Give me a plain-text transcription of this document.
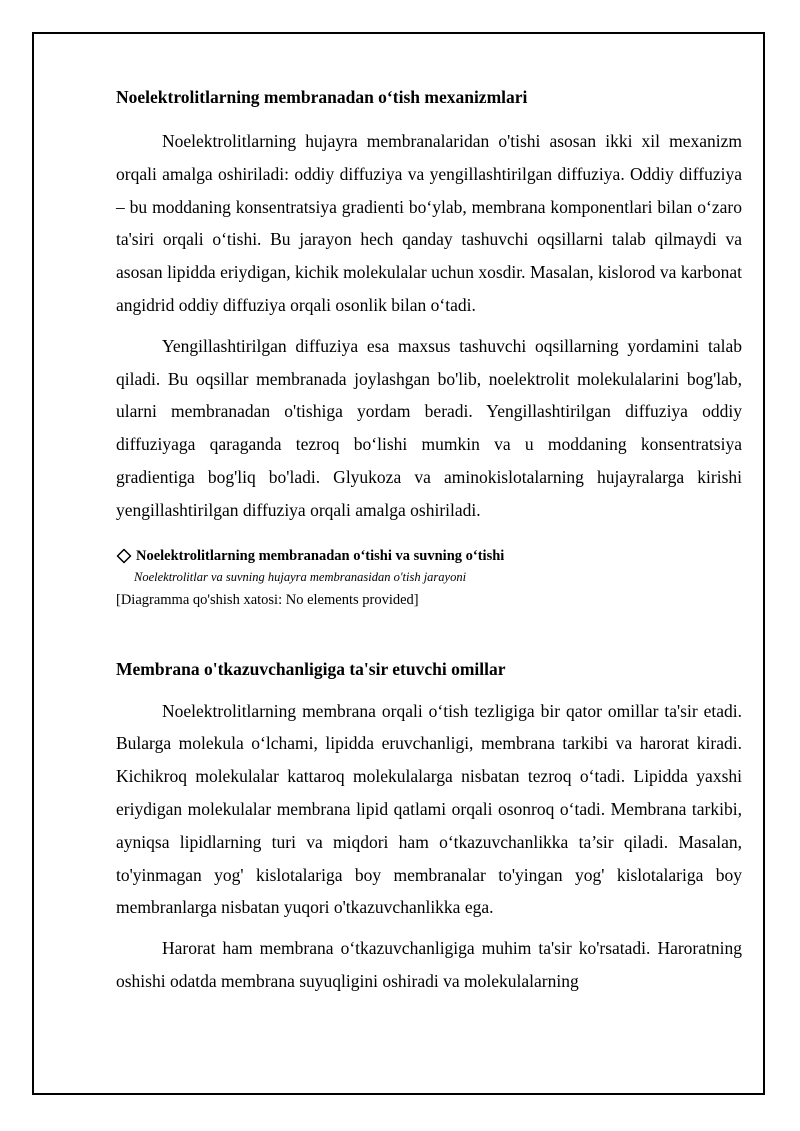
Noelektrolitlarning membranadan o‘tish mexanizmlari

Noelektrolitlarning hujayra membranalaridan o'tishi asosan ikki xil mexanizm orqali amalga oshiriladi: oddiy diffuziya va yengillashtirilgan diffuziya. Oddiy diffuziya – bu moddaning konsentratsiya gradienti bo‘ylab, membrana komponentlari bilan o‘zaro ta'siri orqali o‘tishi. Bu jarayon hech qanday tashuvchi oqsillarni talab qilmaydi va asosan lipidda eriydigan, kichik molekulalar uchun xosdir. Masalan, kislorod va karbonat angidrid oddiy diffuziya orqali osonlik bilan o‘tadi.

Yengillashtirilgan diffuziya esa maxsus tashuvchi oqsillarning yordamini talab qiladi. Bu oqsillar membranada joylashgan bo'lib, noelektrolit molekulalarini bog'lab, ularni membranadan o'tishiga yordam beradi. Yengillashtirilgan diffuziya oddiy diffuziyaga qaraganda tezroq bo‘lishi mumkin va u moddaning konsentratsiya gradientiga bog'liq bo'ladi. Glyukoza va aminokislotalarning hujayralarga kirishi yengillashtirilgan diffuziya orqali amalga oshiriladi.

Noelektrolitlarning membranadan o‘tishi va suvning o‘tishi
Noelektrolitlar va suvning hujayra membranasidan o'tish jarayoni
[Diagramma qo'shish xatosi: No elements provided]
Membrana o'tkazuvchanligiga ta'sir etuvchi omillar

Noelektrolitlarning membrana orqali o‘tish tezligiga bir qator omillar ta'sir etadi. Bularga molekula o‘lchami, lipidda eruvchanligi, membrana tarkibi va harorat kiradi. Kichikroq molekulalar kattaroq molekulalarga nisbatan tezroq o‘tadi. Lipidda yaxshi eriydigan molekulalar membrana lipid qatlami orqali osonroq o‘tadi. Membrana tarkibi, ayniqsa lipidlarning turi va miqdori ham o‘tkazuvchanlikka ta’sir qiladi. Masalan, to'yinmagan yog' kislotalariga boy membranalar to'yingan yog' kislotalariga boy membranlarga nisbatan yuqori o'tkazuvchanlikka ega.

Harorat ham membrana o‘tkazuvchanligiga muhim ta'sir ko'rsatadi. Haroratning oshishi odatda membrana suyuqligini oshiradi va molekulalarning
